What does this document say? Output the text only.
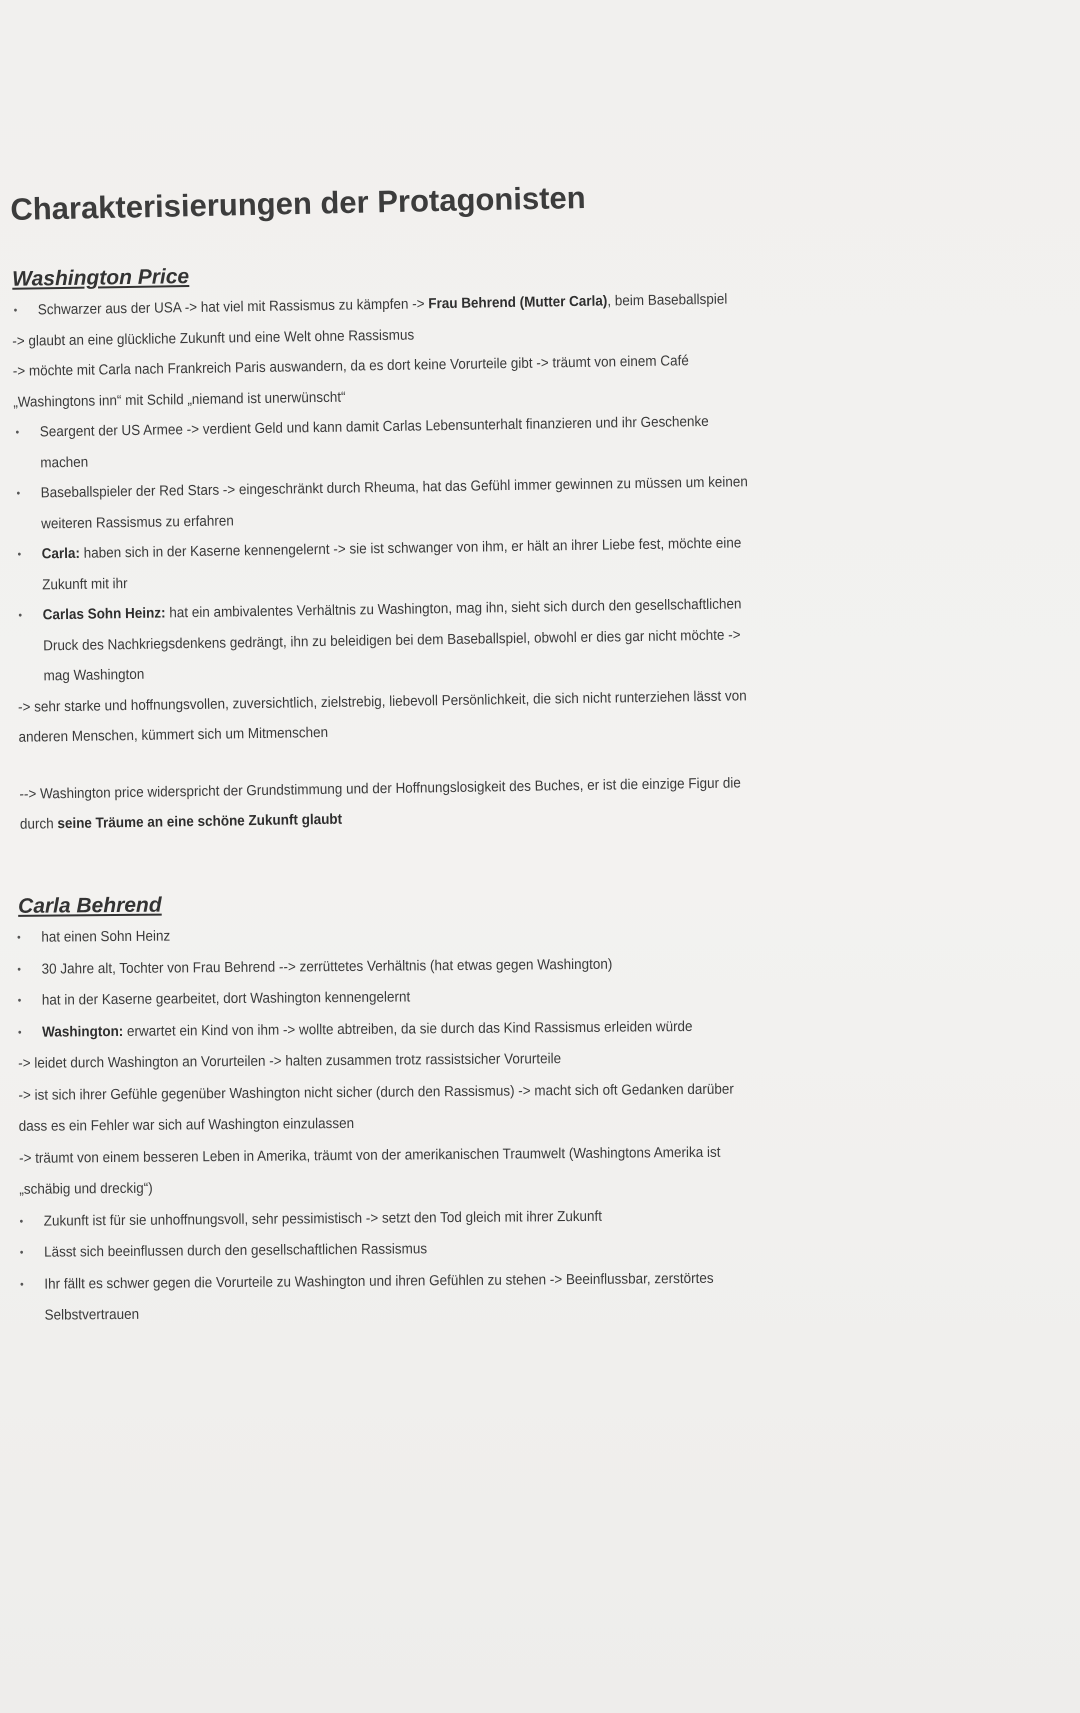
Charakterisierungen der Protagonisten
Washington Price
• Schwarzer aus der USA -> hat viel mit Rassismus zu kämpfen -> Frau Behrend (Mutter Carla), beim Baseballspiel
-> glaubt an eine glückliche Zukunft und eine Welt ohne Rassismus
-> möchte mit Carla nach Frankreich Paris auswandern, da es dort keine Vorurteile gibt -> träumt von einem Café
„Washingtons inn“ mit Schild „niemand ist unerwünscht“
• Seargent der US Armee -> verdient Geld und kann damit Carlas Lebensunterhalt finanzieren und ihr Geschenke
machen
• Baseballspieler der Red Stars -> eingeschränkt durch Rheuma, hat das Gefühl immer gewinnen zu müssen um keinen
weiteren Rassismus zu erfahren
• Carla: haben sich in der Kaserne kennengelernt -> sie ist schwanger von ihm, er hält an ihrer Liebe fest, möchte eine
Zukunft mit ihr
• Carlas Sohn Heinz: hat ein ambivalentes Verhältnis zu Washington, mag ihn, sieht sich durch den gesellschaftlichen
Druck des Nachkriegsdenkens gedrängt, ihn zu beleidigen bei dem Baseballspiel, obwohl er dies gar nicht möchte ->
mag Washington
-> sehr starke und hoffnungsvollen, zuversichtlich, zielstrebig, liebevoll Persönlichkeit, die sich nicht runterziehen lässt von
anderen Menschen, kümmert sich um Mitmenschen
--> Washington price widerspricht der Grundstimmung und der Hoffnungslosigkeit des Buches, er ist die einzige Figur die
durch seine Träume an eine schöne Zukunft glaubt
Carla Behrend
• hat einen Sohn Heinz
• 30 Jahre alt, Tochter von Frau Behrend --> zerrüttetes Verhältnis (hat etwas gegen Washington)
• hat in der Kaserne gearbeitet, dort Washington kennengelernt
• Washington: erwartet ein Kind von ihm -> wollte abtreiben, da sie durch das Kind Rassismus erleiden würde
-> leidet durch Washington an Vorurteilen -> halten zusammen trotz rassistsicher Vorurteile
-> ist sich ihrer Gefühle gegenüber Washington nicht sicher (durch den Rassismus) -> macht sich oft Gedanken darüber
dass es ein Fehler war sich auf Washington einzulassen
-> träumt von einem besseren Leben in Amerika, träumt von der amerikanischen Traumwelt (Washingtons Amerika ist
„schäbig und dreckig“)
• Zukunft ist für sie unhoffnungsvoll, sehr pessimistisch -> setzt den Tod gleich mit ihrer Zukunft
• Lässt sich beeinflussen durch den gesellschaftlichen Rassismus
• Ihr fällt es schwer gegen die Vorurteile zu Washington und ihren Gefühlen zu stehen -> Beeinflussbar, zerstörtes
Selbstvertrauen
